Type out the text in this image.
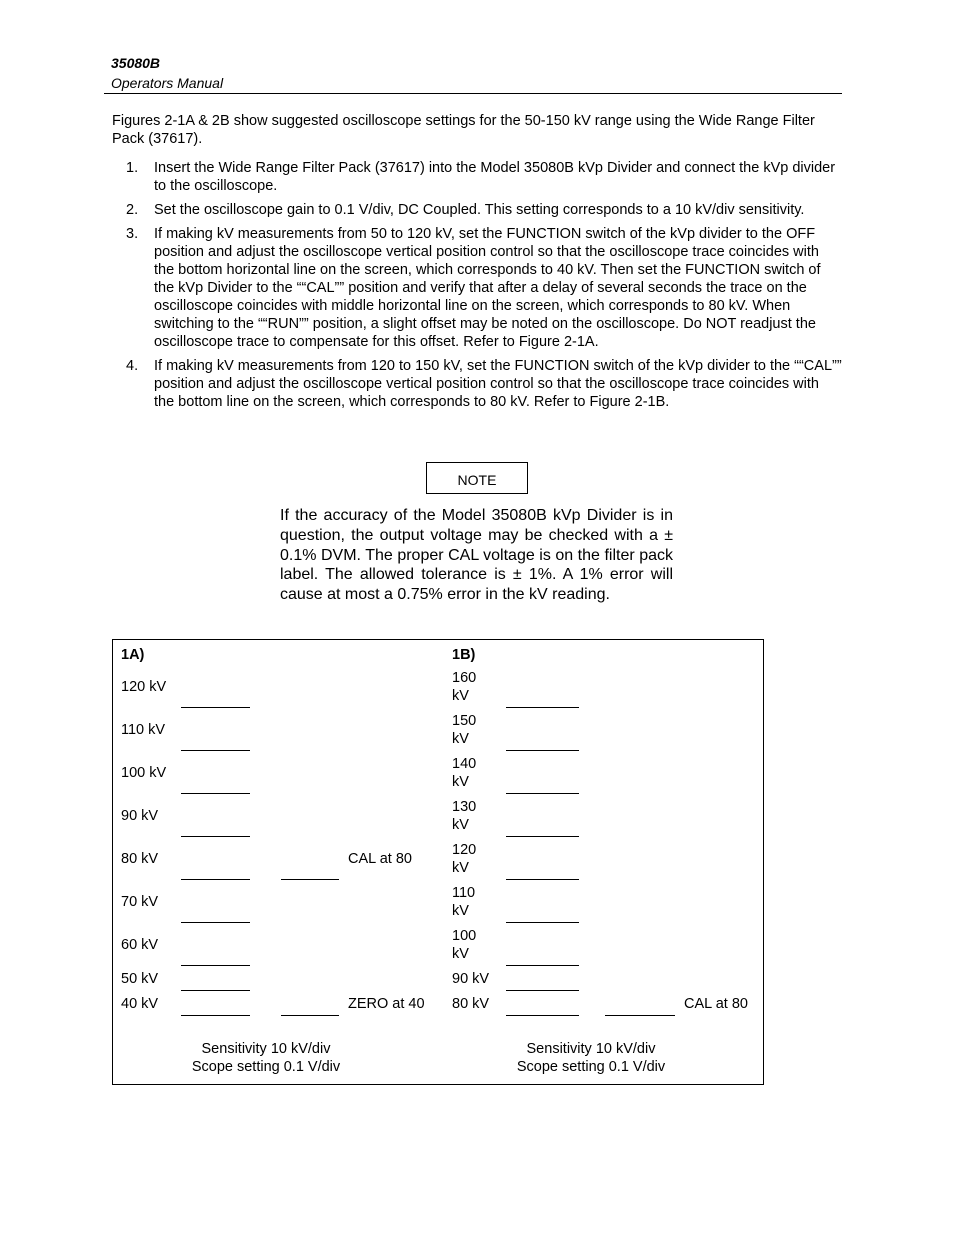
35080B
Operators Manual

Figures 2-1A & 2B show suggested oscilloscope settings for the 50-150 kV range using the Wide Range Filter Pack (37617).

1. Insert the Wide Range Filter Pack (37617) into the Model 35080B kVp Divider and connect the kVp divider to the oscilloscope.
2. Set the oscilloscope gain to 0.1 V/div, DC Coupled. This setting corresponds to a 10 kV/div sensitivity.
3. If making kV measurements from 50 to 120 kV, set the FUNCTION switch of the kVp divider to the OFF position and adjust the oscilloscope vertical position control so that the oscilloscope trace coincides with the bottom horizontal line on the screen, which corresponds to 40 kV. Then set the FUNCTION switch of the kVp Divider to the ““CAL”” position and verify that after a delay of several seconds the trace on the oscilloscope coincides with middle horizontal line on the screen, which corresponds to 80 kV. When switching to the ““RUN”” position, a slight offset may be noted on the oscilloscope. Do NOT readjust the oscilloscope trace to compensate for this offset. Refer to Figure 2-1A.
4. If making kV measurements from 120 to 150 kV, set the FUNCTION switch of the kVp divider to the ““CAL”” position and adjust the oscilloscope vertical position control so that the oscilloscope trace coincides with the bottom line on the screen, which corresponds to 80 kV. Refer to Figure 2-1B.
NOTE

If the accuracy of the Model 35080B kVp Divider is in question, the output voltage may be checked with a ± 0.1% DVM. The proper CAL voltage is on the filter pack label. The allowed tolerance is ± 1%. A 1% error will cause at most a 0.75% error in the kV reading.

1A)
120 kV
110 kV
100 kV
90 kV
80 kV	CAL at 80
70 kV
60 kV
50 kV
40 kV	ZERO at 40
Sensitivity 10 kV/div
Scope setting 0.1 V/div
1B)
160 kV
150 kV
140 kV
130 kV
120 kV
110 kV
100 kV
90 kV
80 kV	CAL at 80
Sensitivity 10 kV/div
Scope setting 0.1 V/div
